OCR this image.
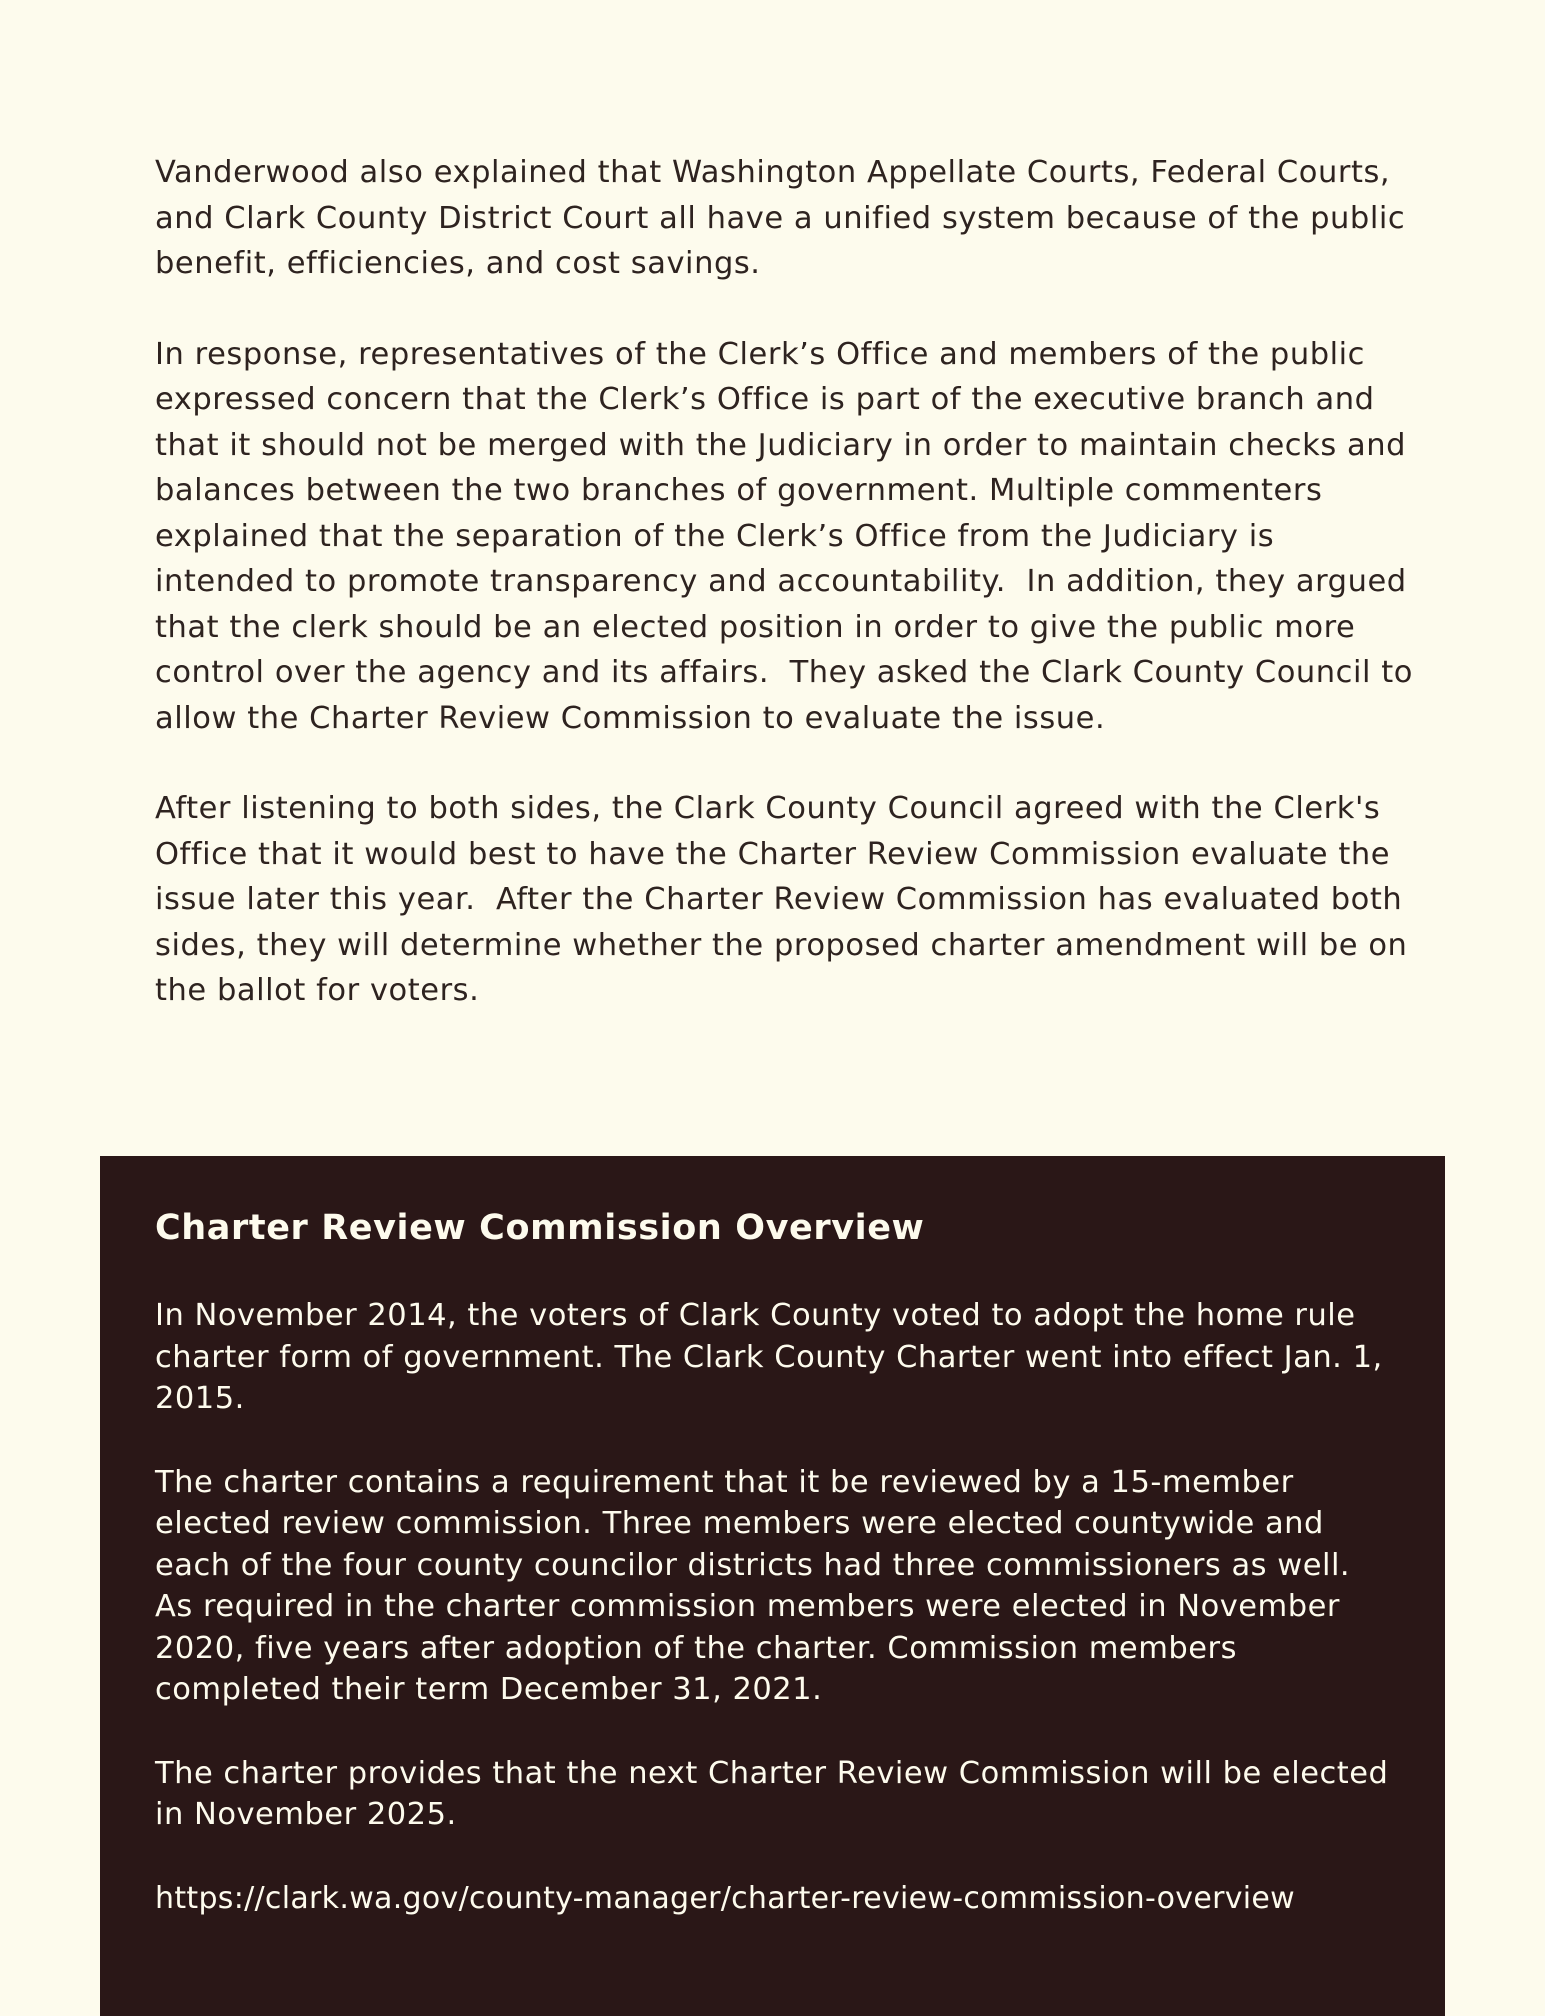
Vanderwood also explained that Washington Appellate Courts, Federal Courts, and Clark County District Court all have a unified system because of the public benefit, efficiencies, and cost savings.

In response, representatives of the Clerk’s Office and members of the public expressed concern that the Clerk’s Office is part of the executive branch and that it should not be merged with the Judiciary in order to maintain checks and balances between the two branches of government. Multiple commenters explained that the separation of the Clerk’s Office from the Judiciary is intended to promote transparency and accountability.  In addition, they argued that the clerk should be an elected position in order to give the public more control over the agency and its affairs.  They asked the Clark County Council to allow the Charter Review Commission to evaluate the issue.

After listening to both sides, the Clark County Council agreed with the Clerk's Office that it would best to have the Charter Review Commission evaluate the issue later this year.  After the Charter Review Commission has evaluated both sides, they will determine whether the proposed charter amendment will be on the ballot for voters.

Charter Review Commission Overview

In November 2014, the voters of Clark County voted to adopt the home rule charter form of government. The Clark County Charter went into effect Jan. 1, 2015.

The charter contains a requirement that it be reviewed by a 15-member elected review commission. Three members were elected countywide and each of the four county councilor districts had three commissioners as well. As required in the charter commission members were elected in November 2020, five years after adoption of the charter. Commission members completed their term December 31, 2021.

The charter provides that the next Charter Review Commission will be elected in November 2025.

https://clark.wa.gov/county-manager/charter-review-commission-overview
